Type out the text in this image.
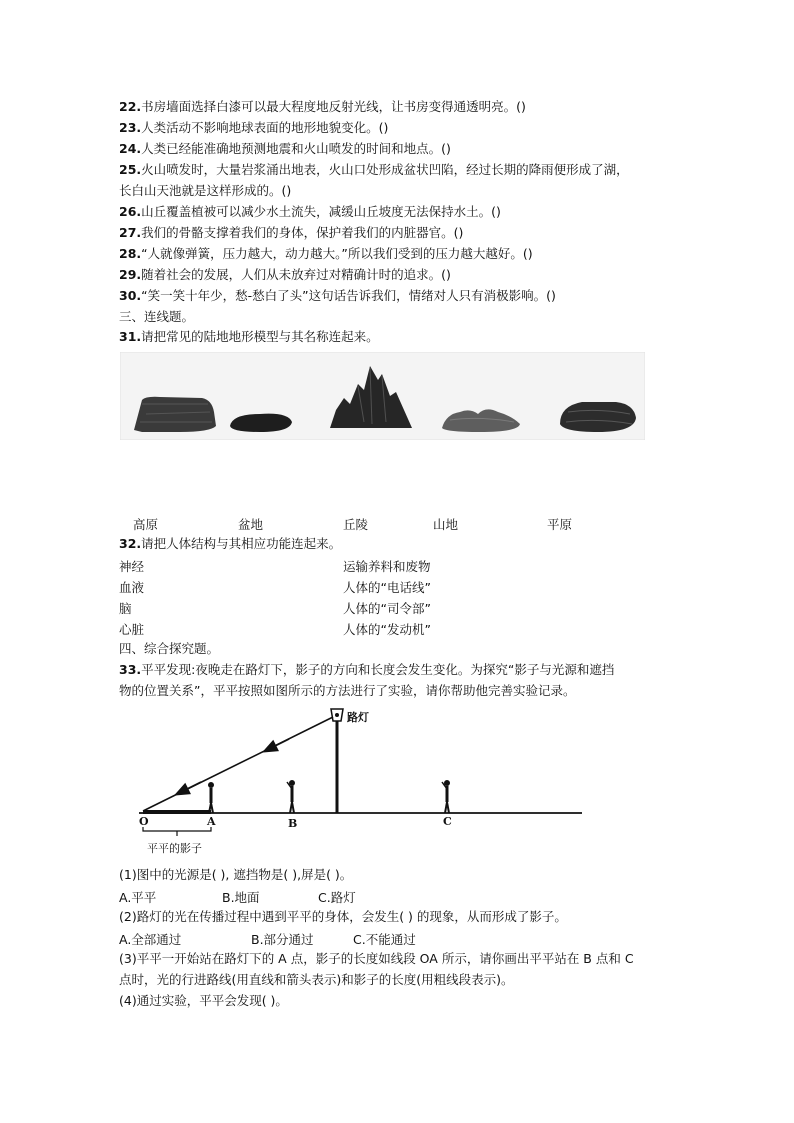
22.书房墙面选择白漆可以最大程度地反射光线，让书房变得通透明亮。()
23.人类活动不影响地球表面的地形地貌变化。()
24.人类已经能准确地预测地震和火山喷发的时间和地点。()
25.火山喷发时，大量岩浆涌出地表，火山口处形成盆状凹陷，经过长期的降雨便形成了湖，
长白山天池就是这样形成的。()
26.山丘覆盖植被可以减少水土流失，减缓山丘坡度无法保持水土。()
27.我们的骨骼支撑着我们的身体，保护着我们的内脏器官。()
28.“人就像弹簧，压力越大，动力越大。”所以我们受到的压力越大越好。()
29.随着社会的发展，人们从未放弃过对精确计时的追求。()
30.“笑一笑十年少，愁-愁白了头”这句话告诉我们，情绪对人只有消极影响。()
三、连线题。
31.请把常见的陆地地形模型与其名称连起来。
高原	盆地	丘陵	山地	平原
32.请把人体结构与其相应功能连起来。
神经
血液
脑
心脏
运输养料和废物
人体的“电话线”
人体的“司令部”
人体的“发动机”
四、综合探究题。
33.平平发现:夜晚走在路灯下，影子的方向和长度会发生变化。为探究“影子与光源和遮挡
物的位置关系”，平平按照如图所示的方法进行了实验，请你帮助他完善实验记录。
路灯
O	A	B	C
平平的影子
(1)图中的光源是( ), 遮挡物是( ),屏是( )。
A.平平	B.地面	C.路灯
(2)路灯的光在传播过程中遇到平平的身体，会发生( ) 的现象，从而形成了影子。
A.全部通过	B.部分通过	C.不能通过
(3)平平一开始站在路灯下的 A 点，影子的长度如线段 OA 所示，请你画出平平站在 B 点和 C
点时，光的行进路线(用直线和箭头表示)和影子的长度(用粗线段表示)。
(4)通过实验，平平会发现( )。
